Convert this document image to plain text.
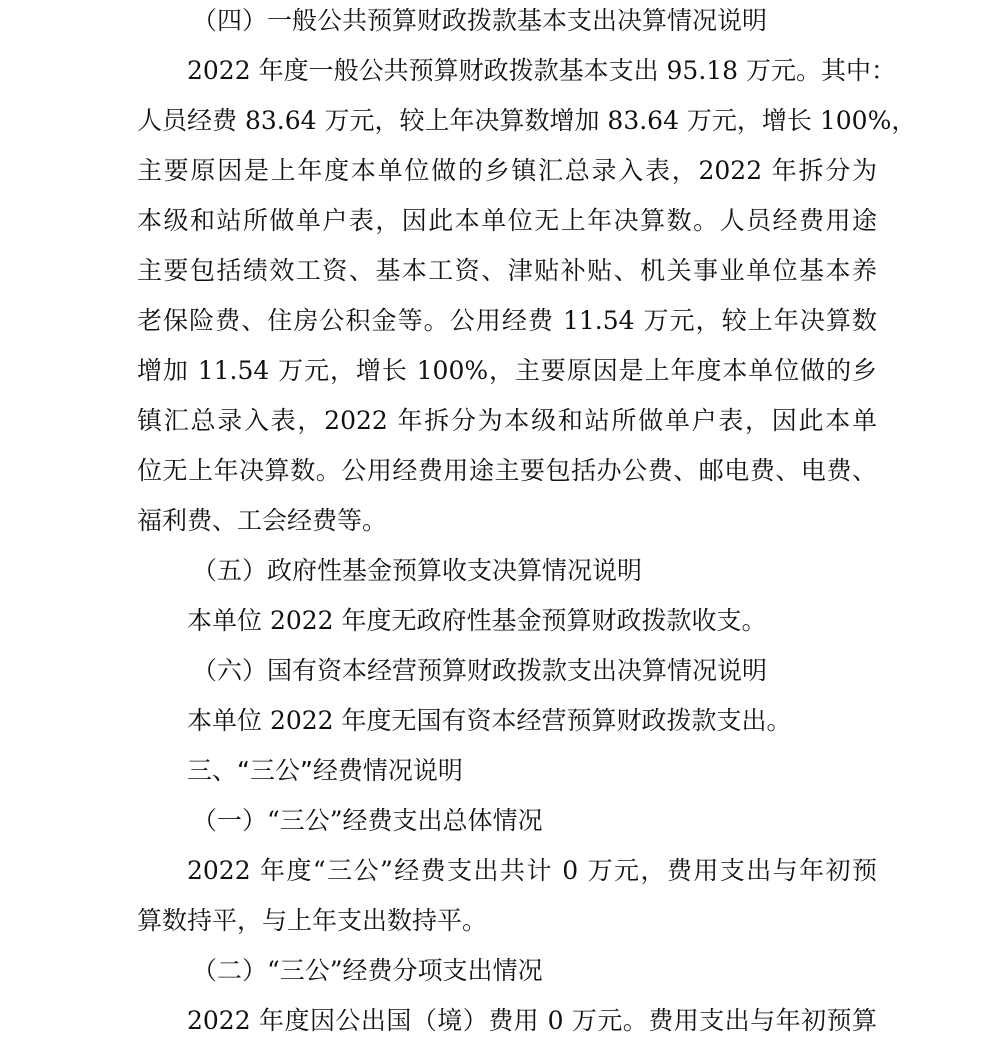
（四）一般公共预算财政拨款基本支出决算情况说明
2022 年度一般公共预算财政拨款基本支出 95.18 万元。其中：
人员经费 83.64 万元，较上年决算数增加 83.64 万元，增长 100%，
主要原因是上年度本单位做的乡镇汇总录入表，2022 年拆分为
本级和站所做单户表，因此本单位无上年决算数。人员经费用途
主要包括绩效工资、基本工资、津贴补贴、机关事业单位基本养
老保险费、住房公积金等。公用经费 11.54 万元，较上年决算数
增加 11.54 万元，增长 100%，主要原因是上年度本单位做的乡
镇汇总录入表，2022 年拆分为本级和站所做单户表，因此本单
位无上年决算数。公用经费用途主要包括办公费、邮电费、电费、
福利费、工会经费等。
（五）政府性基金预算收支决算情况说明
本单位 2022 年度无政府性基金预算财政拨款收支。
（六）国有资本经营预算财政拨款支出决算情况说明
本单位 2022 年度无国有资本经营预算财政拨款支出。
三、“三公”经费情况说明
（一）“三公”经费支出总体情况
2022 年度“三公”经费支出共计 0 万元，费用支出与年初预
算数持平，与上年支出数持平。
（二）“三公”经费分项支出情况
2022 年度因公出国（境）费用 0 万元。费用支出与年初预算
